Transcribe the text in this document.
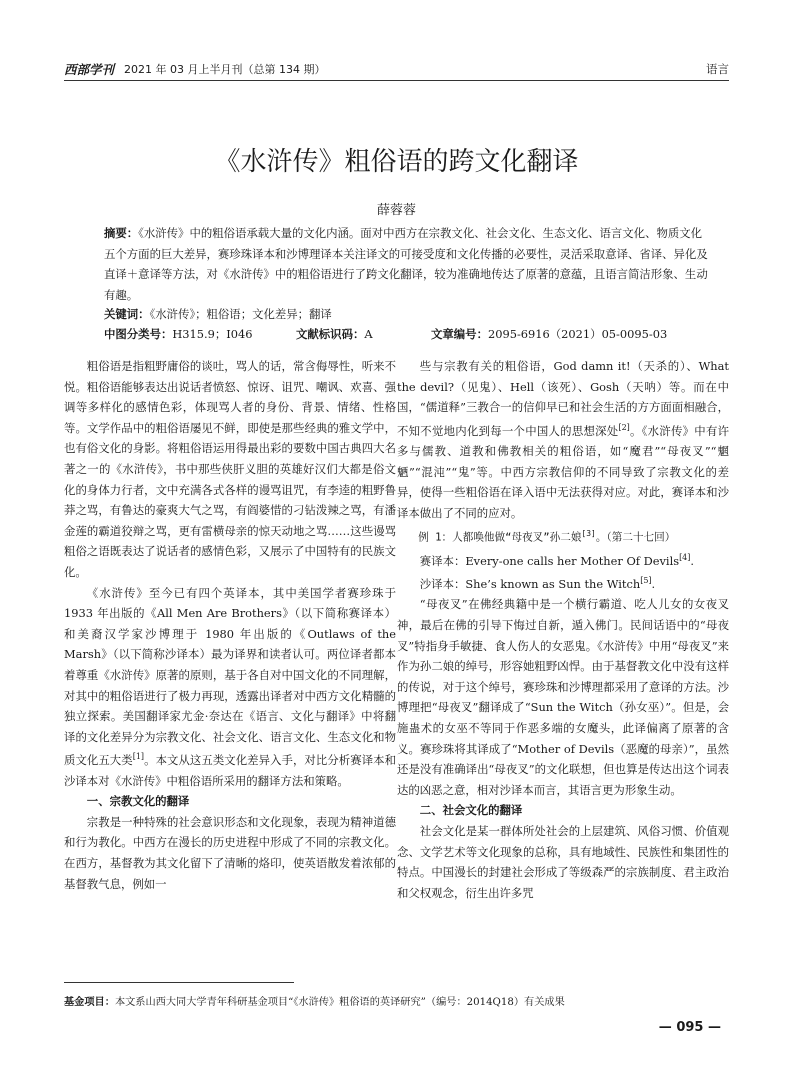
西部学刊 2021 年 03 月上半月刊（总第 134 期）	语言
《水浒传》粗俗语的跨文化翻译
薛蓉蓉
摘要：《水浒传》中的粗俗语承载大量的文化内涵。面对中西方在宗教文化、社会文化、生态文化、语言文化、物质文化五个方面的巨大差异，赛珍珠译本和沙博理译本关注译文的可接受度和文化传播的必要性，灵活采取意译、省译、异化及直译＋意译等方法，对《水浒传》中的粗俗语进行了跨文化翻译，较为准确地传达了原著的意蕴，且语言简洁形象、生动有趣。
关键词：《水浒传》；粗俗语；文化差异；翻译
中图分类号：H315.9；I046	文献标识码：A	文章编号：2095-6916（2021）05-0095-03

粗俗语是指粗野庸俗的谈吐，骂人的话，常含侮辱性，听来不悦。粗俗语能够表达出说话者愤怒、惊讶、诅咒、嘲讽、欢喜、强调等多样化的感情色彩，体现骂人者的身份、背景、情绪、性格等。文学作品中的粗俗语屡见不鲜，即使是那些经典的雅文学中，也有俗文化的身影。将粗俗语运用得最出彩的要数中国古典四大名著之一的《水浒传》，书中那些侠肝义胆的英雄好汉们大都是俗文化的身体力行者，文中充满各式各样的谩骂诅咒，有李逵的粗野鲁莽之骂，有鲁达的豪爽大气之骂，有阎婆惜的刁钻泼辣之骂，有潘金莲的霸道狡辩之骂，更有雷横母亲的惊天动地之骂……这些谩骂粗俗之语既表达了说话者的感情色彩，又展示了中国特有的民族文化。

《水浒传》至今已有四个英译本，其中美国学者赛珍珠于 1933 年出版的《All Men Are Brothers》（以下简称赛译本）和美裔汉学家沙博理于 1980 年出版的《Outlaws of the Marsh》（以下简称沙译本）最为译界和读者认可。两位译者都本着尊重《水浒传》原著的原则，基于各自对中国文化的不同理解，对其中的粗俗语进行了极力再现，透露出译者对中西方文化精髓的独立探索。美国翻译家尤金·奈达在《语言、文化与翻译》中将翻译的文化差异分为宗教文化、社会文化、语言文化、生态文化和物质文化五大类[1]。本文从这五类文化差异入手，对比分析赛译本和沙译本对《水浒传》中粗俗语所采用的翻译方法和策略。

一、宗教文化的翻译

宗教是一种特殊的社会意识形态和文化现象，表现为精神道德和行为教化。中西方在漫长的历史进程中形成了不同的宗教文化。在西方，基督教为其文化留下了清晰的烙印，使英语散发着浓郁的基督教气息，例如一

些与宗教有关的粗俗语，God damn it!（天杀的）、What the devil?（见鬼）、Hell（该死）、Gosh（天呐）等。而在中国，“儒道释”三教合一的信仰早已和社会生活的方方面面相融合，不知不觉地内化到每一个中国人的思想深处[2]。《水浒传》中有许多与儒教、道教和佛教相关的粗俗语，如“魔君”“母夜叉”“魍魉”“混沌”“鬼”等。中西方宗教信仰的不同导致了宗教文化的差异，使得一些粗俗语在译入语中无法获得对应。对此，赛译本和沙译本做出了不同的应对。

例 1：人都唤他做“母夜叉”孙二娘[3]。（第二十七回）

赛译本：Every-one calls her Mother Of Devils[4].

沙译本：She’s known as Sun the Witch[5].

“母夜叉”在佛经典籍中是一个横行霸道、吃人儿女的女夜叉神，最后在佛的引导下悔过自新，遁入佛门。民间话语中的“母夜叉”特指身手敏捷、食人伤人的女恶鬼。《水浒传》中用“母夜叉”来作为孙二娘的绰号，形容她粗野凶悍。由于基督教文化中没有这样的传说，对于这个绰号，赛珍珠和沙博理都采用了意译的方法。沙博理把“母夜叉”翻译成了“Sun the Witch（孙女巫）”。但是，会施蛊术的女巫不等同于作恶多端的女魔头，此译偏离了原著的含义。赛珍珠将其译成了“Mother of Devils（恶魔的母亲）”，虽然还是没有准确译出“母夜叉”的文化联想，但也算是传达出这个词表达的凶恶之意，相对沙译本而言，其语言更为形象生动。

二、社会文化的翻译

社会文化是某一群体所处社会的上层建筑、风俗习惯、价值观念、文学艺术等文化现象的总称，具有地域性、民族性和集团性的特点。中国漫长的封建社会形成了等级森严的宗族制度、君主政治和父权观念，衍生出许多咒

基金项目：本文系山西大同大学青年科研基金项目“《水浒传》粗俗语的英译研究”（编号：2014Q18）有关成果
— 095 —
